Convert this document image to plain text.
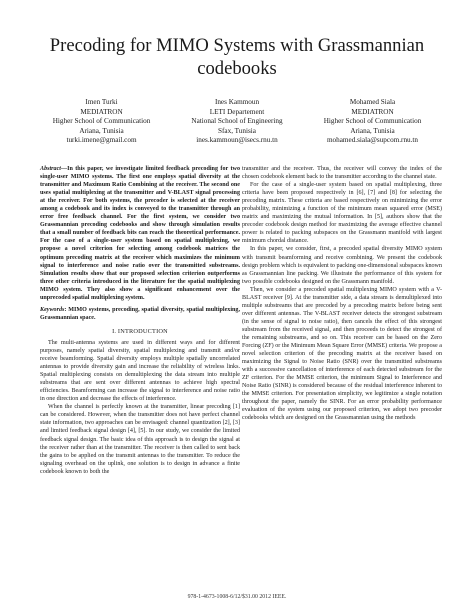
Precoding for MIMO Systems with Grassmannian
codebooks
Imen Turki
MEDIATRON
Higher School of Communication
Ariana, Tunisia
turki.imene@gmail.com
Ines Kammoun
LETI Departement
National School of Engineering
Sfax, Tunisia
ines.kammoun@isecs.rnu.tn
Mohamed Siala
MEDIATRON
Higher School of Communication
Ariana, Tunisia
mohamed.siala@supcom.rnu.tn

Abstract—In this paper, we investigate limited feedback precoding for two single-user MIMO systems. The first one employs spatial diversity at the transmitter and Maximum Ratio Combining at the receiver. The second one uses spatial multiplexing at the transmitter and V-BLAST signal processing at the receiver. For both systems, the precoder is selected at the receiver among a codebook and its index is conveyed to the transmitter through an error free feedback channel. For the first system, we consider two Grassmannian precoding codebooks and show through simulation results that a small number of feedback bits can reach the theoretical performance. For the case of a single-user system based on spatial multiplexing, we propose a novel criterion for selecting among codebook matrices the optimum precoding matrix at the receiver which maximizes the minimum signal to interference and noise ratio over the transmitted substreams. Simulation results show that our proposed selection criterion outperforms three other criteria introduced in the literature for the spatial multiplexing MIMO system. They also show a significant enhancement over the unprecoded spatial multiplexing system.

Keywords: MIMO systems, precoding, spatial diversity, spatial multiplexing, Grassmannian space.

I. INTRODUCTION

The multi-antenna systems are used in different ways and for different purposes, namely spatial diversity, spatial multiplexing and transmit and/or receive beamforming. Spatial diversity employs multiple spatially uncorrelated antennas to provide diversity gain and increase the reliability of wireless links. Spatial multiplexing consists on demultiplexing the data stream into multiple substreams that are sent over different antennas to achieve high spectral efficiencies. Beamforming can increase the signal to interference and noise ratio in one direction and decrease the effects of interference.

When the channel is perfectly known at the transmitter, linear precoding [1] can be considered. However, when the transmitter does not have perfect channel state information, two approaches can be envisaged: channel quantization [2], [3] and limited feedback signal design [4], [5]. In our study, we consider the limited feedback signal design. The basic idea of this approach is to design the signal at the receiver rather than at the transmitter. The receiver is then called to sent back the gains to be applied on the transmit antennas to the transmitter. To reduce the signaling overhead on the uplink, one solution is to design in advance a finite codebook known to both the

transmitter and the receiver. Thus, the receiver will convey the index of the chosen codebook element back to the transmitter according to the channel state.

For the case of a single-user system based on spatial multiplexing, three criteria have been proposed respectively in [6], [7] and [8] for selecting the precoding matrix. These criteria are based respectively on minimizing the error probability, minimizing a function of the minimum mean squared error (MSE) matrix and maximizing the mutual information. In [5], authors show that the precoder codebook design method for maximizing the average effective channel power is related to packing subspaces on the Grassmann manifold with largest minimum chordal distance.

In this paper, we consider, first, a precoded spatial diversity MIMO system with transmit beamforming and receive combining. We present the codebook design problem which is equivalent to packing one-dimensional subspaces known as Grassmannian line packing. We illustrate the performance of this system for two possible codebooks designed on the Grassmann manifold.

Then, we consider a precoded spatial multiplexing MIMO system with a V-BLAST receiver [9]. At the transmitter side, a data stream is demultiplexed into multiple substreams that are precoded by a precoding matrix before being sent over different antennas. The V-BLAST receiver detects the strongest substream (in the sense of signal to noise ratio), then cancels the effect of this strongest substream from the received signal, and then proceeds to detect the strongest of the remaining substreams, and so on. This receiver can be based on the Zero Forcing (ZF) or the Minimum Mean Square Error (MMSE) criteria. We propose a novel selection criterion of the precoding matrix at the receiver based on maximizing the Signal to Noise Ratio (SNR) over the transmitted substreams with a successive cancellation of interference of each detected substream for the ZF criterion. For the MMSE criterion, the minimum Signal to Interference and Noise Ratio (SINR) is considered because of the residual interference inherent to the MMSE criterion. For presentation simplicity, we legitimize a single notation throughout the paper, namely the SINR. For an error probability performance evaluation of the system using our proposed criterion, we adopt two precoder codebooks which are designed on the Grassmannian using the methods

978-1-4673-1008-6/12/$31.00 2012 IEEE.
